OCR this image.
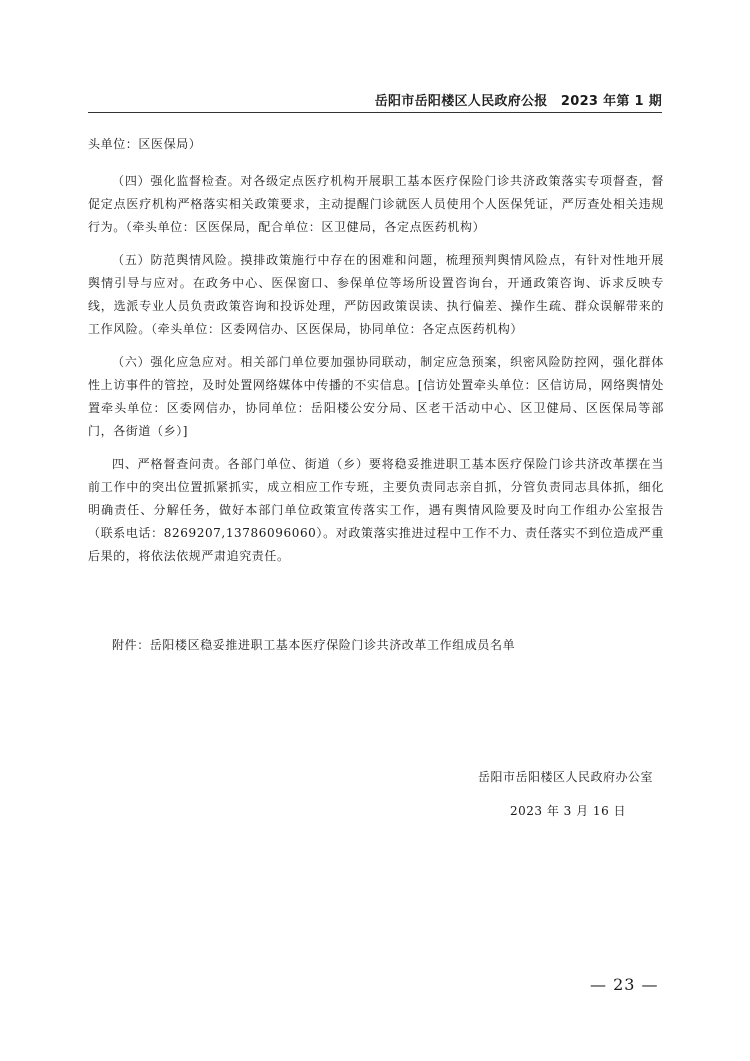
岳阳市岳阳楼区人民政府公报　2023 年第 1 期

头单位：区医保局）

（四）强化监督检查。对各级定点医疗机构开展职工基本医疗保险门诊共济政策落实专项督查，督促定点医疗机构严格落实相关政策要求，主动提醒门诊就医人员使用个人医保凭证，严厉查处相关违规行为。（牵头单位：区医保局，配合单位：区卫健局，各定点医药机构）

（五）防范舆情风险。摸排政策施行中存在的困难和问题，梳理预判舆情风险点，有针对性地开展舆情引导与应对。在政务中心、医保窗口、参保单位等场所设置咨询台，开通政策咨询、诉求反映专线，选派专业人员负责政策咨询和投诉处理，严防因政策误读、执行偏差、操作生疏、群众误解带来的工作风险。（牵头单位：区委网信办、区医保局，协同单位：各定点医药机构）

（六）强化应急应对。相关部门单位要加强协同联动，制定应急预案，织密风险防控网，强化群体性上访事件的管控，及时处置网络媒体中传播的不实信息。[信访处置牵头单位：区信访局，网络舆情处置牵头单位：区委网信办，协同单位：岳阳楼公安分局、区老干活动中心、区卫健局、区医保局等部门，各街道（乡）]

四、严格督查问责。各部门单位、街道（乡）要将稳妥推进职工基本医疗保险门诊共济改革摆在当前工作中的突出位置抓紧抓实，成立相应工作专班，主要负责同志亲自抓，分管负责同志具体抓，细化明确责任、分解任务，做好本部门单位政策宣传落实工作，遇有舆情风险要及时向工作组办公室报告（联系电话：8269207,13786096060）。对政策落实推进过程中工作不力、责任落实不到位造成严重后果的，将依法依规严肃追究责任。

附件：岳阳楼区稳妥推进职工基本医疗保险门诊共济改革工作组成员名单
岳阳市岳阳楼区人民政府办公室
2023 年 3 月 16 日
— 23 —
